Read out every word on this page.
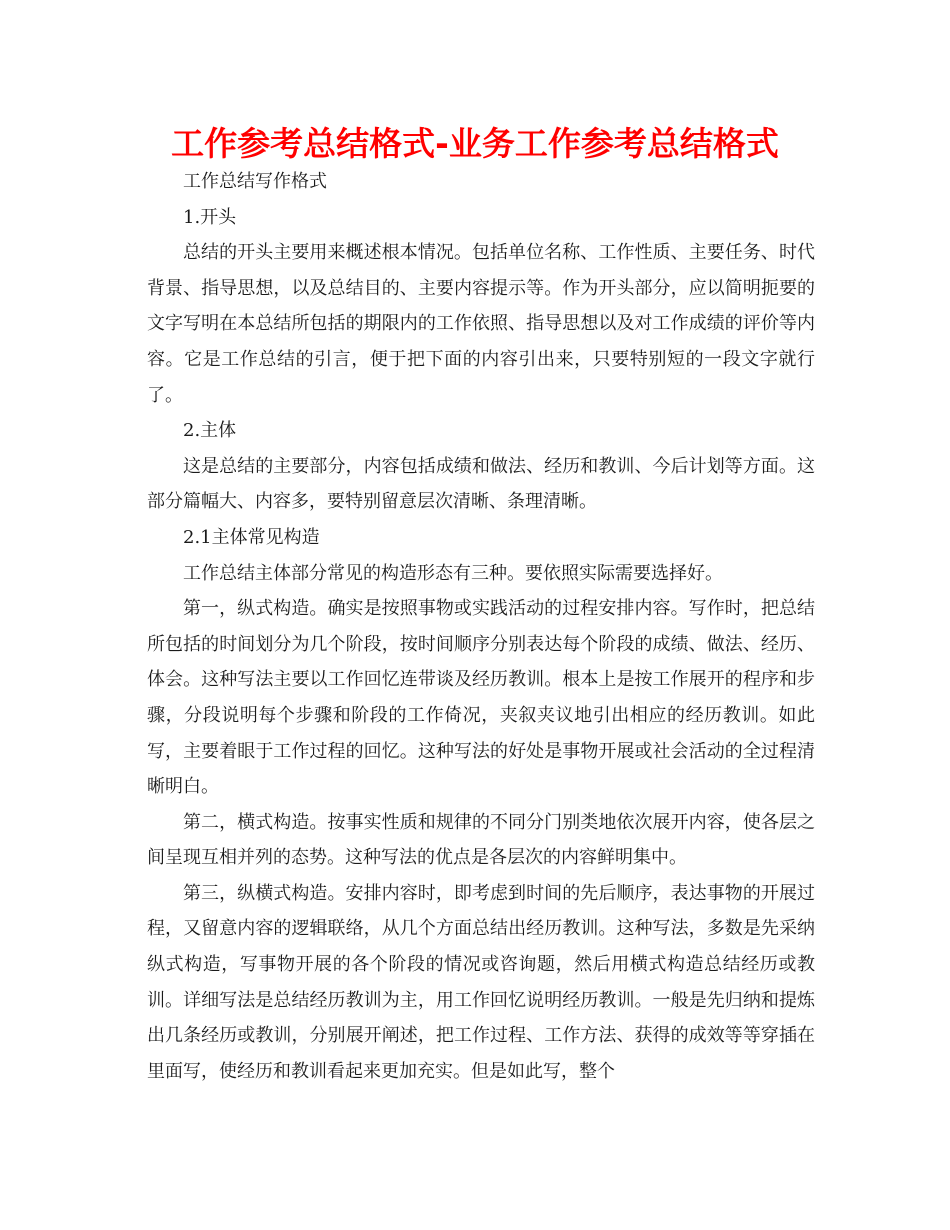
工作参考总结格式-业务工作参考总结格式

工作总结写作格式

1.开头

总结的开头主要用来概述根本情况。包括单位名称、工作性质、主要任务、时代背景、指导思想，以及总结目的、主要内容提示等。作为开头部分，应以简明扼要的文字写明在本总结所包括的期限内的工作依照、指导思想以及对工作成绩的评价等内容。它是工作总结的引言，便于把下面的内容引出来，只要特别短的一段文字就行了。

2.主体

这是总结的主要部分，内容包括成绩和做法、经历和教训、今后计划等方面。这部分篇幅大、内容多，要特别留意层次清晰、条理清晰。

2.1主体常见构造

工作总结主体部分常见的构造形态有三种。要依照实际需要选择好。

第一，纵式构造。确实是按照事物或实践活动的过程安排内容。写作时，把总结所包括的时间划分为几个阶段，按时间顺序分别表达每个阶段的成绩、做法、经历、体会。这种写法主要以工作回忆连带谈及经历教训。根本上是按工作展开的程序和步骤，分段说明每个步骤和阶段的工作倚况，夹叙夹议地引出相应的经历教训。如此写，主要着眼于工作过程的回忆。这种写法的好处是事物开展或社会活动的全过程清晰明白。

第二，横式构造。按事实性质和规律的不同分门别类地依次展开内容，使各层之间呈现互相并列的态势。这种写法的优点是各层次的内容鲜明集中。

第三，纵横式构造。安排内容时，即考虑到时间的先后顺序，表达事物的开展过程，又留意内容的逻辑联络，从几个方面总结出经历教训。这种写法，多数是先采纳纵式构造，写事物开展的各个阶段的情况或咨询题，然后用横式构造总结经历或教训。详细写法是总结经历教训为主，用工作回忆说明经历教训。一般是先归纳和提炼出几条经历或教训，分别展开阐述，把工作过程、工作方法、获得的成效等等穿插在里面写，使经历和教训看起来更加充实。但是如此写，整个
